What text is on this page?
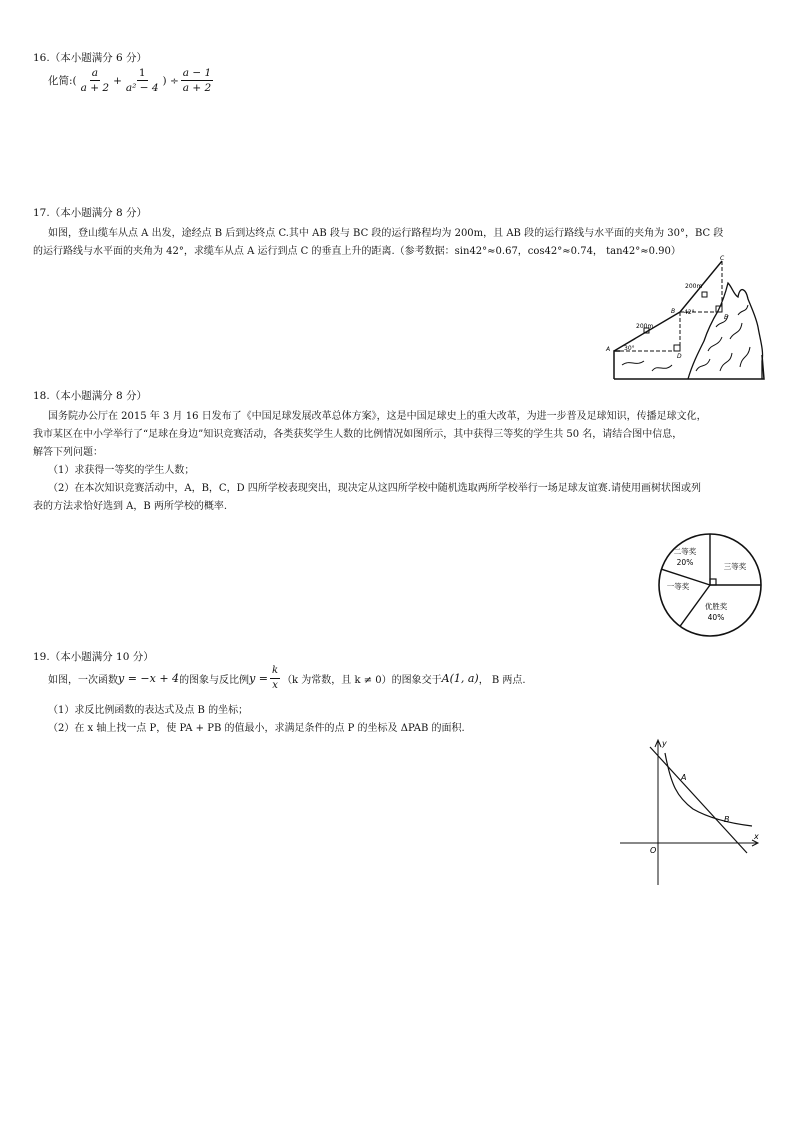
16.（本小题满分 6 分）
化简: ( $\frac{a}{a + 2} + \frac{1}{\text{a² − 4}}$ ) ÷ $\frac{a - 1}{a + 2}$
17.（本小题满分 8 分）
如图，登山缆车从点 A 出发，途经点 B 后到达终点 C.其中 AB 段与 BC 段的运行路程均为 200m，且 AB 段的运行路线与水平面的夹角为 30°，BC 段
的运行路线与水平面的夹角为 42°，求缆车从点 A 运行到点 C 的垂直上升的距离.（参考数据：sin42°≈0.67，cos42°≈0.74， tan42°≈0.90）
A
B
C
D
E
200m
200m
30°
42°
18.（本小题满分 8 分）
国务院办公厅在 2015 年 3 月 16 日发布了《中国足球发展改革总体方案》，这是中国足球史上的重大改革，为进一步普及足球知识，传播足球文化，
我市某区在中小学举行了“足球在身边”知识竞赛活动，各类获奖学生人数的比例情况如图所示，其中获得三等奖的学生共 50 名，请结合图中信息，
解答下列问题：
（1）求获得一等奖的学生人数；
（2）在本次知识竞赛活动中，A，B，C，D 四所学校表现突出，现决定从这四所学校中随机选取两所学校举行一场足球友谊赛.请使用画树状图或列
表的方法求恰好选到 A，B 两所学校的概率.
二等奖
20%	三等奖
一等奖
优胜奖
40%
19.（本小题满分 10 分）
如图，一次函数 y = −x + 4 的图象与反比例 $y = \frac{k}{x} (k$ 为常数，且 k ≠ 0）的图象交于 A(1, a) ， B 两点.
（1）求反比例函数的表达式及点 B 的坐标；
（2）在 x 轴上找一点 P，使 PA + PB 的值最小，求满足条件的点 P 的坐标及 ΔPAB 的面积.
y
x
O
A
B
